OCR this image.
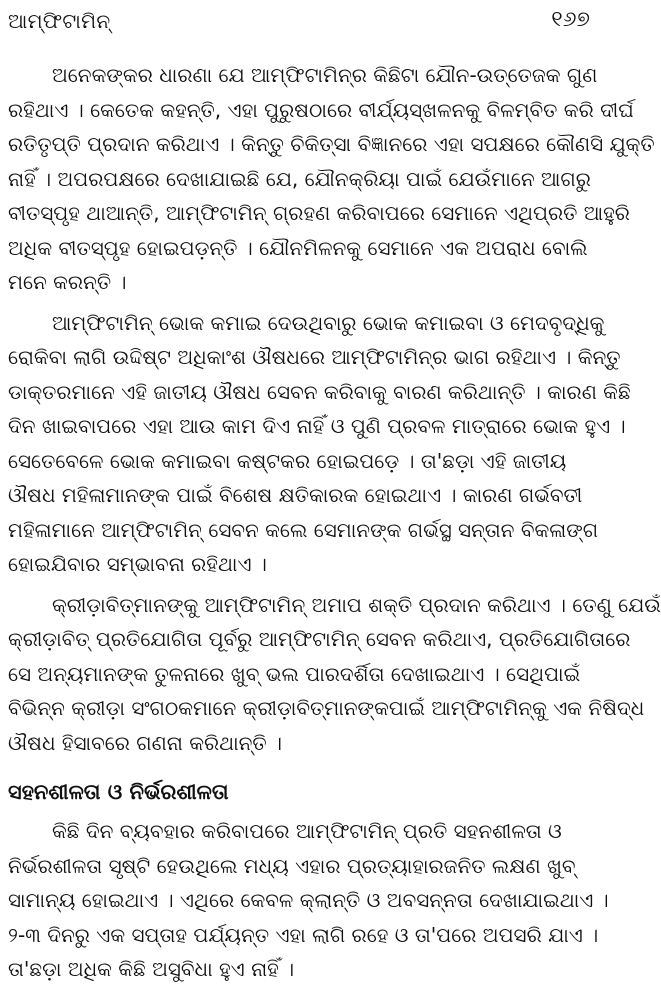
ଆମ୍ଫିଟାମିନ୍	୧୬୭

ଅନେକଙ୍କର ଧାରଣା ଯେ ଆମ୍ଫିଟାମିନ୍‌ର କିଛିଟା ଯୌନ-ଉତ୍ତେଜକ ଗୁଣ
ରହିଥାଏ । କେତେକ କହନ୍ତି, ଏହା ପୁରୁଷଠାରେ ବୀର୍ଯ୍ୟସ୍ଖଳନକୁ ବିଳମ୍ବିତ କରି ଦୀର୍ଘ
ରତିତୃପ୍ତି ପ୍ରଦାନ କରିଥାଏ । କିନ୍ତୁ ଚିକିତ୍ସା ବିଜ୍ଞାନରେ ଏହା ସପକ୍ଷରେ କୌଣସି ଯୁକ୍ତି
ନାହିଁ । ଅପରପକ୍ଷରେ ଦେଖାଯାଇଛି ଯେ, ଯୌନକ୍ରିୟା ପାଇଁ ଯେଉଁମାନେ ଆଗରୁ
ବୀତସ୍ପୃହ ଥାଆନ୍ତି, ଆମ୍ଫିଟାମିନ୍ ଗ୍ରହଣ କରିବାପରେ ସେମାନେ ଏଥିପ୍ରତି ଆହୁରି
ଅଧିକ ବୀତସ୍ପୃହ ହୋଇପଡ଼ନ୍ତି । ଯୌନମିଳନକୁ ସେମାନେ ଏକ ଅପରାଧ ବୋଲି
ମନେ କରନ୍ତି ।

ଆମ୍ଫିଟାମିନ୍ ଭୋକ କମାଇ ଦେଉଥିବାରୁ ଭୋକ କମାଇବା ଓ ମେଦବୃଦ୍ଧିକୁ
ରୋକିବା ଲାଗି ଉଦ୍ଦିଷ୍ଟ ଅଧିକାଂଶ ଔଷଧରେ ଆମ୍ଫିଟାମିନ୍‌ର ଭାଗ ରହିଥାଏ । କିନ୍ତୁ
ଡାକ୍ତରମାନେ ଏହି ଜାତୀୟ ଔଷଧ ସେବନ କରିବାକୁ ବାରଣ କରିଥାନ୍ତି । କାରଣ କିଛି
ଦିନ ଖାଇବାପରେ ଏହା ଆଉ କାମ ଦିଏ ନାହିଁ ଓ ପୁଣି ପ୍ରବଳ ମାତ୍ରାରେ ଭୋକ ହୁଏ ।
ସେତେବେଳେ ଭୋକ କମାଇବା କଷ୍ଟକର ହୋଇପଡ଼େ । ତା'ଛଡ଼ା ଏହି ଜାତୀୟ
ଔଷଧ ମହିଳାମାନଙ୍କ ପାଇଁ ବିଶେଷ କ୍ଷତିକାରକ ହୋଇଥାଏ । କାରଣ ଗର୍ଭବତୀ
ମହିଳାମାନେ ଆମ୍ଫିଟାମିନ୍ ସେବନ କଲେ ସେମାନଙ୍କ ଗର୍ଭସ୍ଥ ସନ୍ତାନ ବିକଳାଙ୍ଗ
ହୋଇଯିବାର ସମ୍ଭାବନା ରହିଥାଏ ।

କ୍ରୀଡ଼ାବିତ୍‌ମାନଙ୍କୁ ଆମ୍ଫିଟାମିନ୍ ଅମାପ ଶକ୍ତି ପ୍ରଦାନ କରିଥାଏ । ତେଣୁ ଯେଉଁ
କ୍ରୀଡ଼ାବିତ୍ ପ୍ରତିଯୋଗିତା ପୂର୍ବରୁ ଆମ୍ଫିଟାମିନ୍ ସେବନ କରିଥାଏ, ପ୍ରତିଯୋଗିତାରେ
ସେ ଅନ୍ୟମାନଙ୍କ ତୁଳନାରେ ଖୁବ୍ ଭଲ ପାରଦର୍ଶିତା ଦେଖାଇଥାଏ । ସେଥିପାଇଁ
ବିଭିନ୍ନ କ୍ରୀଡ଼ା ସଂଗଠକମାନେ କ୍ରୀଡ଼ାବିତ୍‌ମାନଙ୍କପାଇଁ ଆମ୍ଫିଟାମିନ୍‌କୁ ଏକ ନିଷିଦ୍ଧ
ଔଷଧ ହିସାବରେ ଗଣନା କରିଥାନ୍ତି ।

ସହନଶୀଳତା ଓ ନିର୍ଭରଶୀଳତା

କିଛି ଦିନ ବ୍ୟବହାର କରିବାପରେ ଆମ୍ଫିଟାମିନ୍ ପ୍ରତି ସହନଶୀଳତା ଓ
ନିର୍ଭରଶୀଳତା ସୃଷ୍ଟି ହେଉଥିଲେ ମଧ୍ୟ ଏହାର ପ୍ରତ୍ୟାହାରଜନିତ ଲକ୍ଷଣ ଖୁବ୍
ସାମାନ୍ୟ ହୋଇଥାଏ । ଏଥିରେ କେବଳ କ୍ଲାନ୍ତି ଓ ଅବସନ୍ନତା ଦେଖାଯାଇଥାଏ ।
୨-୩ ଦିନରୁ ଏକ ସପ୍ତାହ ପର୍ଯ୍ୟନ୍ତ ଏହା ଲାଗି ରହେ ଓ ତା'ପରେ ଅପସରି ଯାଏ ।
ତା'ଛଡ଼ା ଅଧିକ କିଛି ଅସୁବିଧା ହୁଏ ନାହିଁ ।
